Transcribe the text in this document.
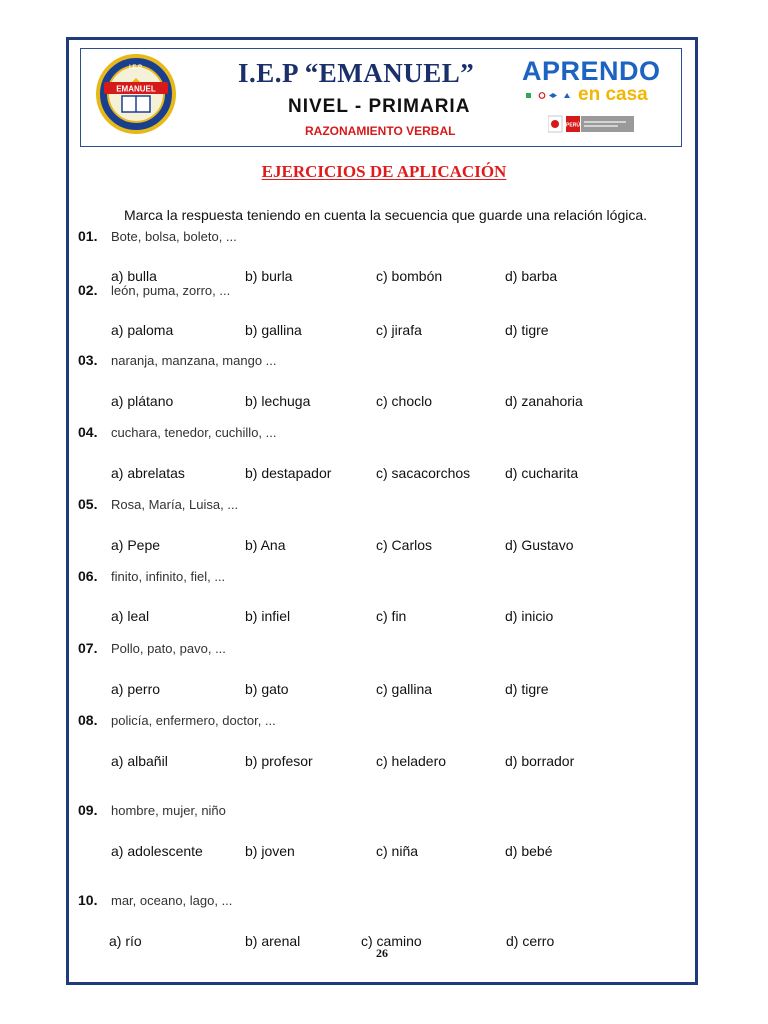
EMANUEL
I.E.P.	I.E.P “EMANUEL”
NIVEL - PRIMARIA
RAZONAMIENTO VERBAL
APRENDO
en casa
PERÚ
EJERCICIOS DE APLICACIÓN
Marca la respuesta teniendo en cuenta la secuencia que guarde una relación lógica.
01. Bote, bolsa, boleto, ...
a) bulla	b) burla	c) bombón	d) barba
02. león, puma, zorro, ...
a) paloma	b) gallina	c) jirafa	d) tigre
03. naranja, manzana, mango ...
a) plátano	b) lechuga	c) choclo	d) zanahoria
04. cuchara, tenedor, cuchillo, ...
a) abrelatas	b) destapador	c) sacacorchos d) cucharita
05. Rosa, María, Luisa, ...
a) Pepe	b) Ana	c) Carlos	d) Gustavo
06. finito, infinito, fiel, ...
a) leal	b) infiel	c) fin	d) inicio
07. Pollo, pato, pavo, ...
a) perro	b) gato	c) gallina	d) tigre
08. policía, enfermero, doctor, ...
a) albañil	b) profesor	c) heladero	d) borrador
09. hombre, mujer, niño
a) adolescente	b) joven	c) niña	d) bebé
10. mar, oceano, lago, ...
a) río	b) arenal	c) camino	d) cerro
26
